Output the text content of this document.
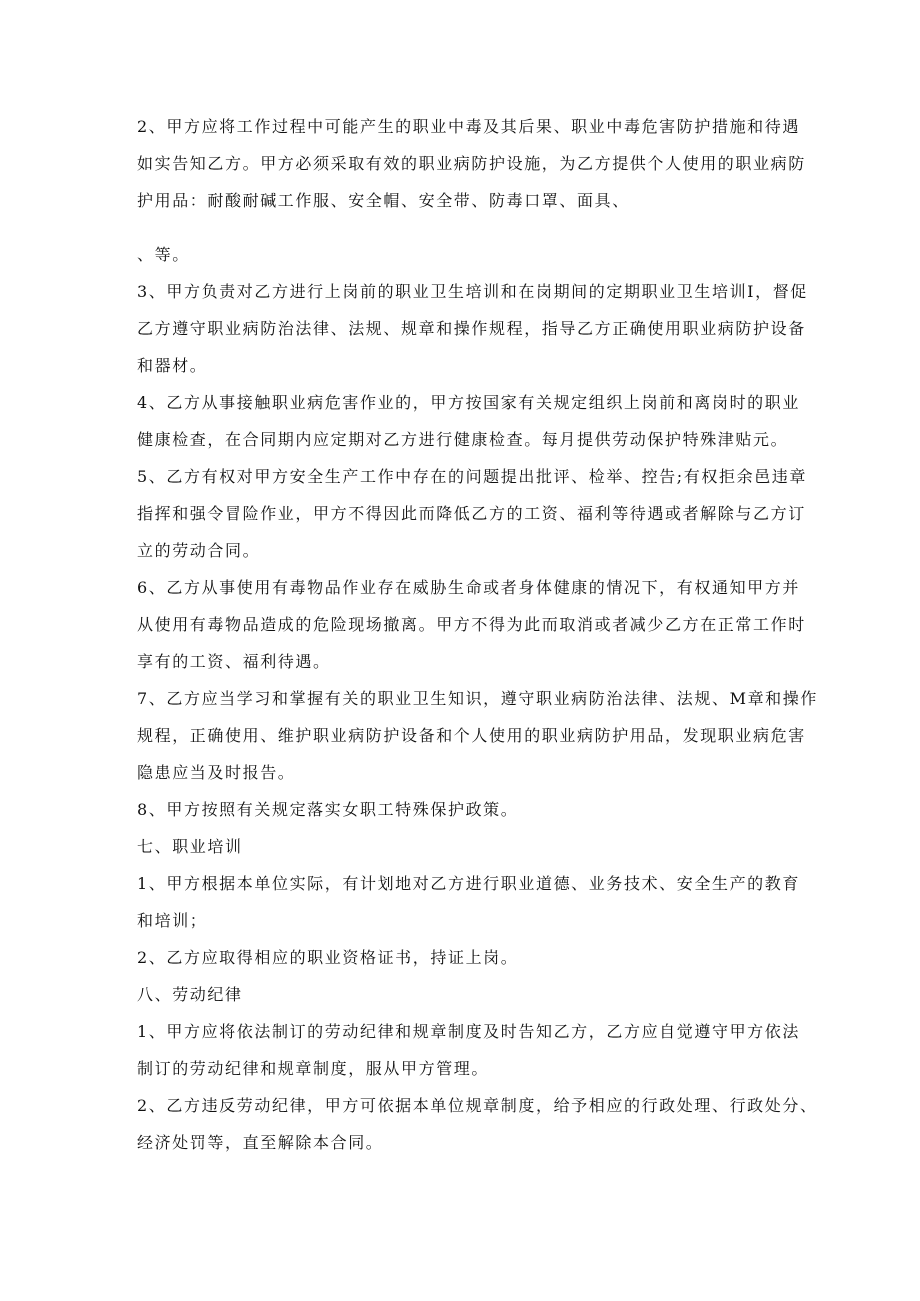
2、甲方应将工作过程中可能产生的职业中毒及其后果、职业中毒危害防护措施和待遇
如实告知乙方。甲方必须采取有效的职业病防护设施，为乙方提供个人使用的职业病防
护用品：耐酸耐碱工作服、安全帽、安全带、防毒口罩、面具、
、等。
3、甲方负责对乙方进行上岗前的职业卫生培训和在岗期间的定期职业卫生培训I，督促
乙方遵守职业病防治法律、法规、规章和操作规程，指导乙方正确使用职业病防护设备
和器材。
4、乙方从事接触职业病危害作业的，甲方按国家有关规定组织上岗前和离岗时的职业
健康检查，在合同期内应定期对乙方进行健康检查。每月提供劳动保护特殊津贴元。
5、乙方有权对甲方安全生产工作中存在的问题提出批评、检举、控告;有权拒余邑违章
指挥和强令冒险作业，甲方不得因此而降低乙方的工资、福利等待遇或者解除与乙方订
立的劳动合同。
6、乙方从事使用有毒物品作业存在威胁生命或者身体健康的情况下，有权通知甲方并
从使用有毒物品造成的危险现场撤离。甲方不得为此而取消或者减少乙方在正常工作时
享有的工资、福利待遇。
7、乙方应当学习和掌握有关的职业卫生知识，遵守职业病防治法律、法规、M章和操作
规程，正确使用、维护职业病防护设备和个人使用的职业病防护用品，发现职业病危害
隐患应当及时报告。
8、甲方按照有关规定落实女职工特殊保护政策。
七、职业培训
1、甲方根据本单位实际，有计划地对乙方进行职业道德、业务技术、安全生产的教育
和培训；
2、乙方应取得相应的职业资格证书，持证上岗。
八、劳动纪律
1、甲方应将依法制订的劳动纪律和规章制度及时告知乙方，乙方应自觉遵守甲方依法
制订的劳动纪律和规章制度，服从甲方管理。
2、乙方违反劳动纪律，甲方可依据本单位规章制度，给予相应的行政处理、行政处分、
经济处罚等，直至解除本合同。
